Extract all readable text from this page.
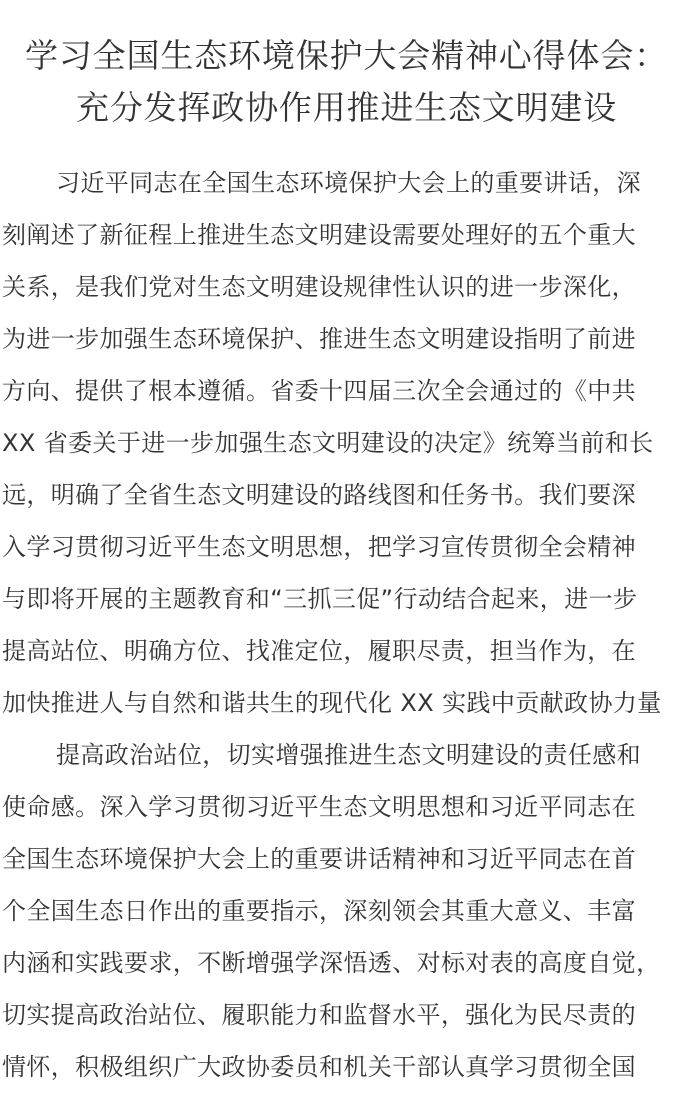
学习全国生态环境保护大会精神心得体会：
充分发挥政协作用推进生态文明建设
习近平同志在全国生态环境保护大会上的重要讲话，深
刻阐述了新征程上推进生态文明建设需要处理好的五个重大
关系，是我们党对生态文明建设规律性认识的进一步深化，
为进一步加强生态环境保护、推进生态文明建设指明了前进
方向、提供了根本遵循。省委十四届三次全会通过的《中共
XX 省委关于进一步加强生态文明建设的决定》统筹当前和长
远，明确了全省生态文明建设的路线图和任务书。我们要深
入学习贯彻习近平生态文明思想，把学习宣传贯彻全会精神
与即将开展的主题教育和“三抓三促”行动结合起来，进一步
提高站位、明确方位、找准定位，履职尽责，担当作为，在
加快推进人与自然和谐共生的现代化 XX 实践中贡献政协力量
提高政治站位，切实增强推进生态文明建设的责任感和
使命感。深入学习贯彻习近平生态文明思想和习近平同志在
全国生态环境保护大会上的重要讲话精神和习近平同志在首
个全国生态日作出的重要指示，深刻领会其重大意义、丰富
内涵和实践要求，不断增强学深悟透、对标对表的高度自觉，
切实提高政治站位、履职能力和监督水平，强化为民尽责的
情怀，积极组织广大政协委员和机关干部认真学习贯彻全国
